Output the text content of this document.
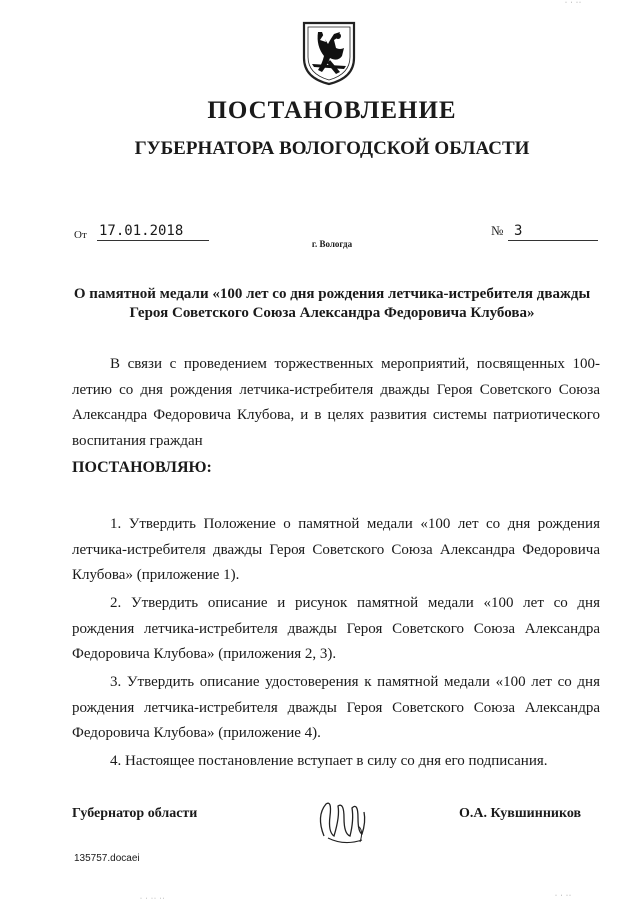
· · ··
ПОСТАНОВЛЕНИЕ
ГУБЕРНАТОРА ВОЛОГОДСКОЙ ОБЛАСТИ
От 17.01.2018	№ 3
г. Вологда
О памятной медали «100 лет со дня рождения летчика-истребителя дважды Героя Советского Союза Александра Федоровича Клубова»
В связи с проведением торжественных мероприятий, посвященных 100-летию со дня рождения летчика-истребителя дважды Героя Советского Союза Александра Федоровича Клубова, и в целях развития системы патриотического воспитания граждан
ПОСТАНОВЛЯЮ:
1. Утвердить Положение о памятной медали «100 лет со дня рождения летчика-истребителя дважды Героя Советского Союза Александра Федоровича Клубова» (приложение 1).
2. Утвердить описание и рисунок памятной медали «100 лет со дня рождения летчика-истребителя дважды Героя Советского Союза Александра Федоровича Клубова» (приложения 2, 3).
3. Утвердить описание удостоверения к памятной медали «100 лет со дня рождения летчика-истребителя дважды Героя Советского Союза Александра Федоровича Клубова» (приложение 4).
4. Настоящее постановление вступает в силу со дня его подписания.
Губернатор области	О.А. Кувшинников
135757.docaei
· · ·· ··	· · ··
